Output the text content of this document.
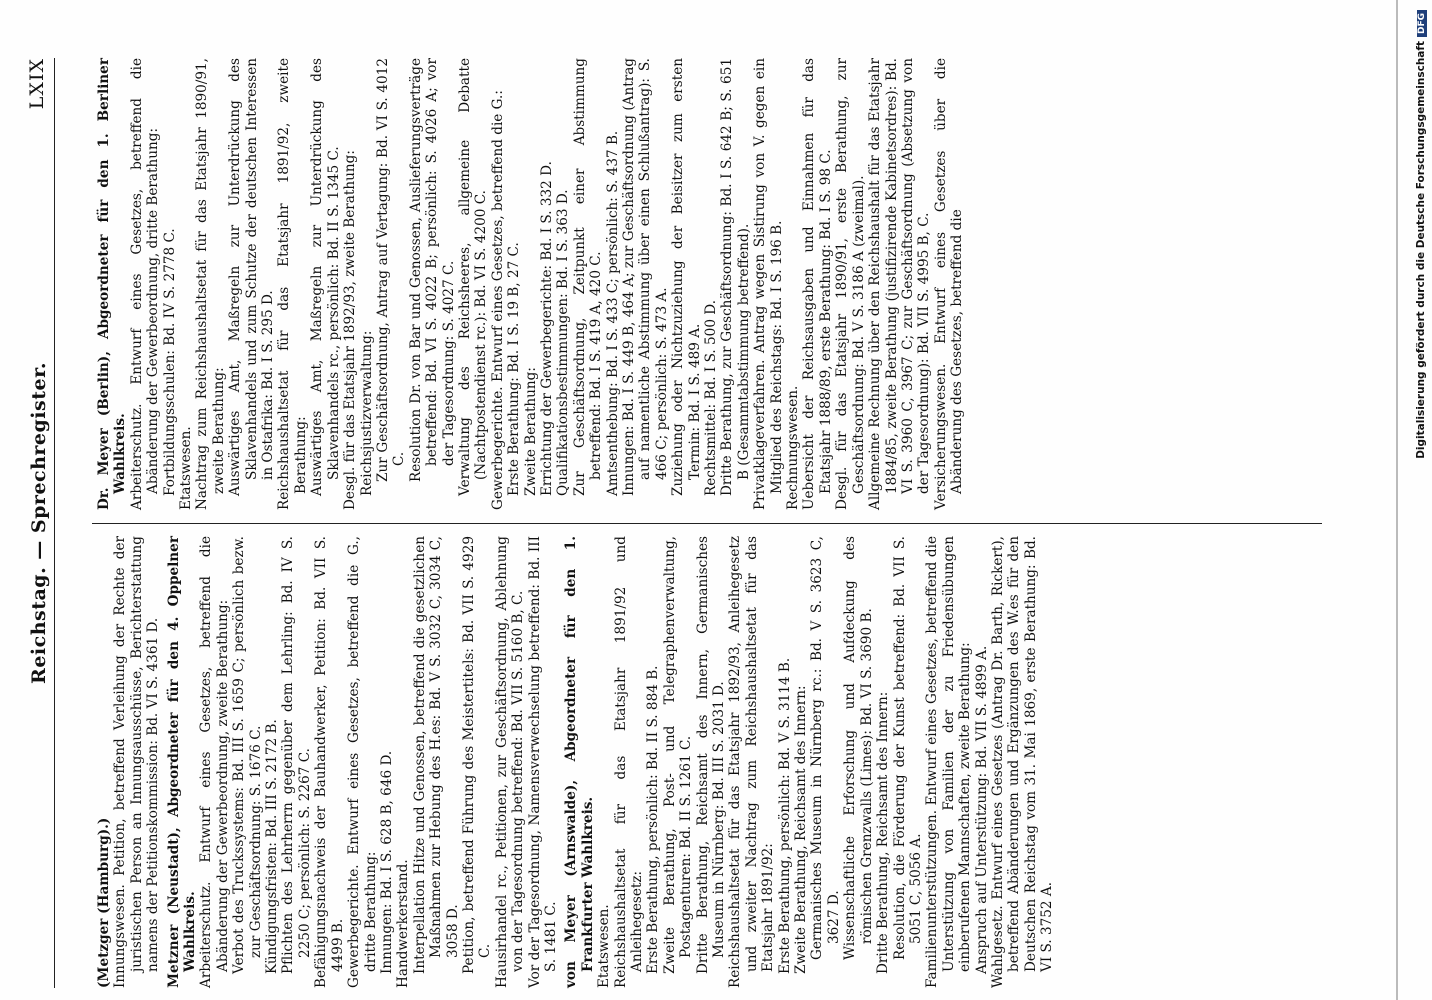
Reichstag. — Sprechregister.
LXIX

(Metzger (Hamburg).) Innungswesen. Petition, betreffend Verleihung der Rechte der juristischen Person an Innungsausschüsse, Berichterstattung namens der Petitionskommission: Bd. VI S. 4361 D. Metzner (Neustadt), Abgeordneter für den 4. Oppelner Wahlkreis. Arbeiterschutz. Entwurf eines Gesetzes, betreffend die Abänderung der Gewerbeordnung, zweite Berathung: Verbot des Truckssystems: Bd. III S. 1659 C; persönlich bezw. zur Geschäftsordnung: S. 1676 C. Kündigungsfristen: Bd. III S. 2172 B. Pflichten des Lehrherrn gegenüber dem Lehrling: Bd. IV S. 2250 C; persönlich: S. 2267 C. Befähigungsnachweis der Bauhandwerker, Petition: Bd. VII S. 4499 B. Gewerbegerichte. Entwurf eines Gesetzes, betreffend die G., dritte Berathung: Innungen: Bd. I S. 628 B, 646 D. Handwerkerstand. Interpellation Hitze und Genossen, betreffend die gesetzlichen Maßnahmen zur Hebung des H.es: Bd. V S. 3032 C, 3034 C, 3058 D. Petition, betreffend Führung des Meistertitels: Bd. VII S. 4929 C. Hausirhandel rc., Petitionen, zur Geschäftsordnung, Ablehnung von der Tagesordnung betreffend: Bd. VII S. 5160 B, C. Vor der Tagesordnung, Namensverwechselung betreffend: Bd. III S. 1481 C. von Meyer (Arnswalde), Abgeordneter für den 1. Frankfurter Wahlkreis. Etatswesen. Reichshaushaltsetat für das Etatsjahr 1891/92 und Anleihegesetz: Erste Berathung, persönlich: Bd. II S. 884 B. Zweite Berathung, Post- und Telegraphenverwaltung, Postagenturen: Bd. II S. 1261 C. Dritte Berathung, Reichsamt des Innern, Germanisches Museum in Nürnberg: Bd. III S. 2031 D. Reichshaushaltsetat für das Etatsjahr 1892/93, Anleihegesetz und zweiter Nachtrag zum Reichshaushaltsetat für das Etatsjahr 1891/92: Erste Berathung, persönlich: Bd. V S. 3114 B. Zweite Berathung, Reichsamt des Innern: Germanisches Museum in Nürnberg rc.: Bd. V S. 3623 C, 3627 D. Wissenschaftliche Erforschung und Aufdeckung des römischen Grenzwalls (Limes): Bd. VI S. 3690 B. Dritte Berathung, Reichsamt des Innern: Resolution, die Förderung der Kunst betreffend: Bd. VII S. 5051 C, 5056 A. Familienunterstützungen. Entwurf eines Gesetzes, betreffend die Unterstützung von Familien der zu Friedensübungen einberufenen Mannschaften, zweite Berathung: Anspruch auf Unterstützung: Bd. VII S. 4899 A. Wahlgesetz. Entwurf eines Gesetzes (Antrag Dr. Barth, Rickert), betreffend Abänderungen und Ergänzungen des W.es für den Deutschen Reichstag vom 31. Mai 1869, erste Berathung: Bd. VI S. 3752 A.

Dr. Meyer (Berlin), Abgeordneter für den 1. Berliner Wahlkreis. Arbeiterschutz. Entwurf eines Gesetzes, betreffend die Abänderung der Gewerbeordnung, dritte Berathung: Fortbildungsschulen: Bd. IV S. 2778 C. Etatswesen. Nachtrag zum Reichshaushaltsetat für das Etatsjahr 1890/91, zweite Berathung: Auswärtiges Amt, Maßregeln zur Unterdrückung des Sklavenhandels und zum Schutze der deutschen Interessen in Ostafrika: Bd. I S. 295 D. Reichshaushaltsetat für das Etatsjahr 1891/92, zweite Berathung: Auswärtiges Amt, Maßregeln zur Unterdrückung des Sklavenhandels rc., persönlich: Bd. II S. 1345 C. Desgl. für das Etatsjahr 1892/93, zweite Berathung: Reichsjustizverwaltung: Zur Geschäftsordnung, Antrag auf Vertagung: Bd. VI S. 4012 C. Resolution Dr. von Bar und Genossen, Auslieferungsverträge betreffend: Bd. VI S. 4022 B; persönlich: S. 4026 A; vor der Tagesordnung: S. 4027 C. Verwaltung des Reichsheeres, allgemeine Debatte (Nachtpostendienst rc.): Bd. VI S. 4200 C. Gewerbegerichte. Entwurf eines Gesetzes, betreffend die G.: Erste Berathung: Bd. I S. 19 B, 27 C. Zweite Berathung: Errichtung der Gewerbegerichte: Bd. I S. 332 D. Qualifikationsbestimmungen: Bd. I S. 363 D. Zur Geschäftsordnung, Zeitpunkt einer Abstimmung betreffend: Bd. I S. 419 A, 420 C. Amtsenthebung: Bd. I S. 433 C; persönlich: S. 437 B. Innungen: Bd. I S. 449 B, 464 A; zur Geschäftsordnung (Antrag auf namentliche Abstimmung über einen Schlußantrag): S. 466 C; persönlich: S. 473 A. Zuziehung oder Nichtzuziehung der Beisitzer zum ersten Termin: Bd. I S. 489 A. Rechtsmittel: Bd. I S. 500 D. Dritte Berathung, zur Geschäftsordnung: Bd. I S. 642 B; S. 651 B (Gesammtabstimmung betreffend). Privatklageverfahren. Antrag wegen Sistirung von V. gegen ein Mitglied des Reichstags: Bd. I S. 196 B. Rechnungswesen. Uebersicht der Reichsausgaben und Einnahmen für das Etatsjahr 1888/89, erste Berathung: Bd. I S. 98 C. Desgl. für das Etatsjahr 1890/91, erste Berathung, zur Geschäftsordnung: Bd. V S. 3186 A (zweimal). Allgemeine Rechnung über den Reichshaushalt für das Etatsjahr 1884/85, zweite Berathung (justifizirende Kabinetsordres): Bd. VI S. 3960 C, 3967 C; zur Geschäftsordnung (Absetzung von der Tagesordnung): Bd. VII S. 4995 B, C. Versicherungswesen. Entwurf eines Gesetzes über die Abänderung des Gesetzes, betreffend die	Digitalisierung gefördert durch die Deutsche ForschungsgemeinschaftDFG
